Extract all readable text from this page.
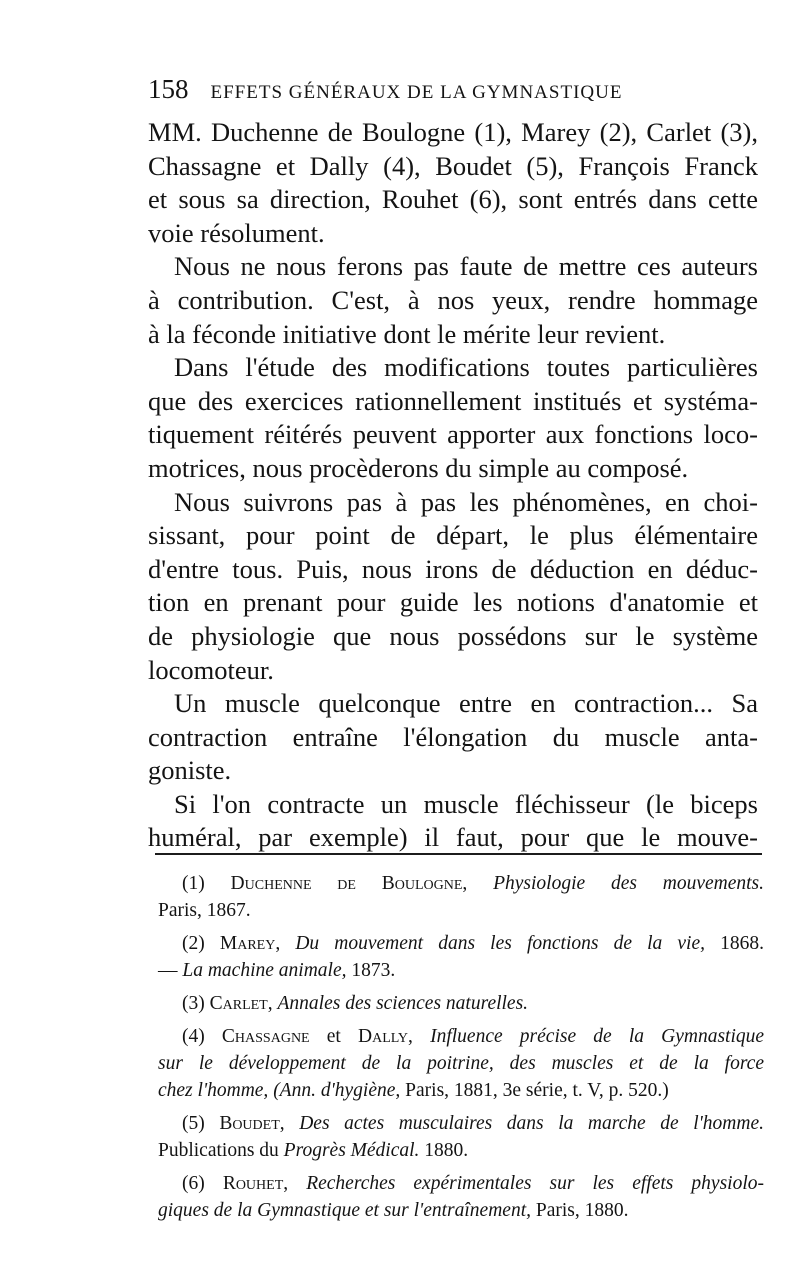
158 EFFETS GÉNÉRAUX DE LA GYMNASTIQUE
MM. Duchenne de Boulogne (1), Marey (2), Carlet (3),
Chassagne et Dally (4), Boudet (5), François Franck
et sous sa direction, Rouhet (6), sont entrés dans cette
voie résolument.
Nous ne nous ferons pas faute de mettre ces auteurs
à contribution. C'est, à nos yeux, rendre hommage
à la féconde initiative dont le mérite leur revient.
Dans l'étude des modifications toutes particulières
que des exercices rationnellement institués et systéma-
tiquement réitérés peuvent apporter aux fonctions loco-
motrices, nous procèderons du simple au composé.
Nous suivrons pas à pas les phénomènes, en choi-
sissant, pour point de départ, le plus élémentaire
d'entre tous. Puis, nous irons de déduction en déduc-
tion en prenant pour guide les notions d'anatomie et
de physiologie que nous possédons sur le système
locomoteur.
Un muscle quelconque entre en contraction... Sa
contraction entraîne l'élongation du muscle anta-
goniste.
Si l'on contracte un muscle fléchisseur (le biceps
huméral, par exemple) il faut, pour que le mouve-
(1) Duchenne de Boulogne, Physiologie des mouvements.
Paris, 1867.
(2) Marey, Du mouvement dans les fonctions de la vie, 1868.
— La machine animale, 1873.
(3) Carlet, Annales des sciences naturelles.
(4) Chassagne et Dally, Influence précise de la Gymnastique
sur le développement de la poitrine, des muscles et de la force
chez l'homme, (Ann. d'hygiène, Paris, 1881, 3e série, t. V, p. 520.)
(5) Boudet, Des actes musculaires dans la marche de l'homme.
Publications du Progrès Médical. 1880.
(6) Rouhet, Recherches expérimentales sur les effets physiolo-
giques de la Gymnastique et sur l'entraînement, Paris, 1880.
